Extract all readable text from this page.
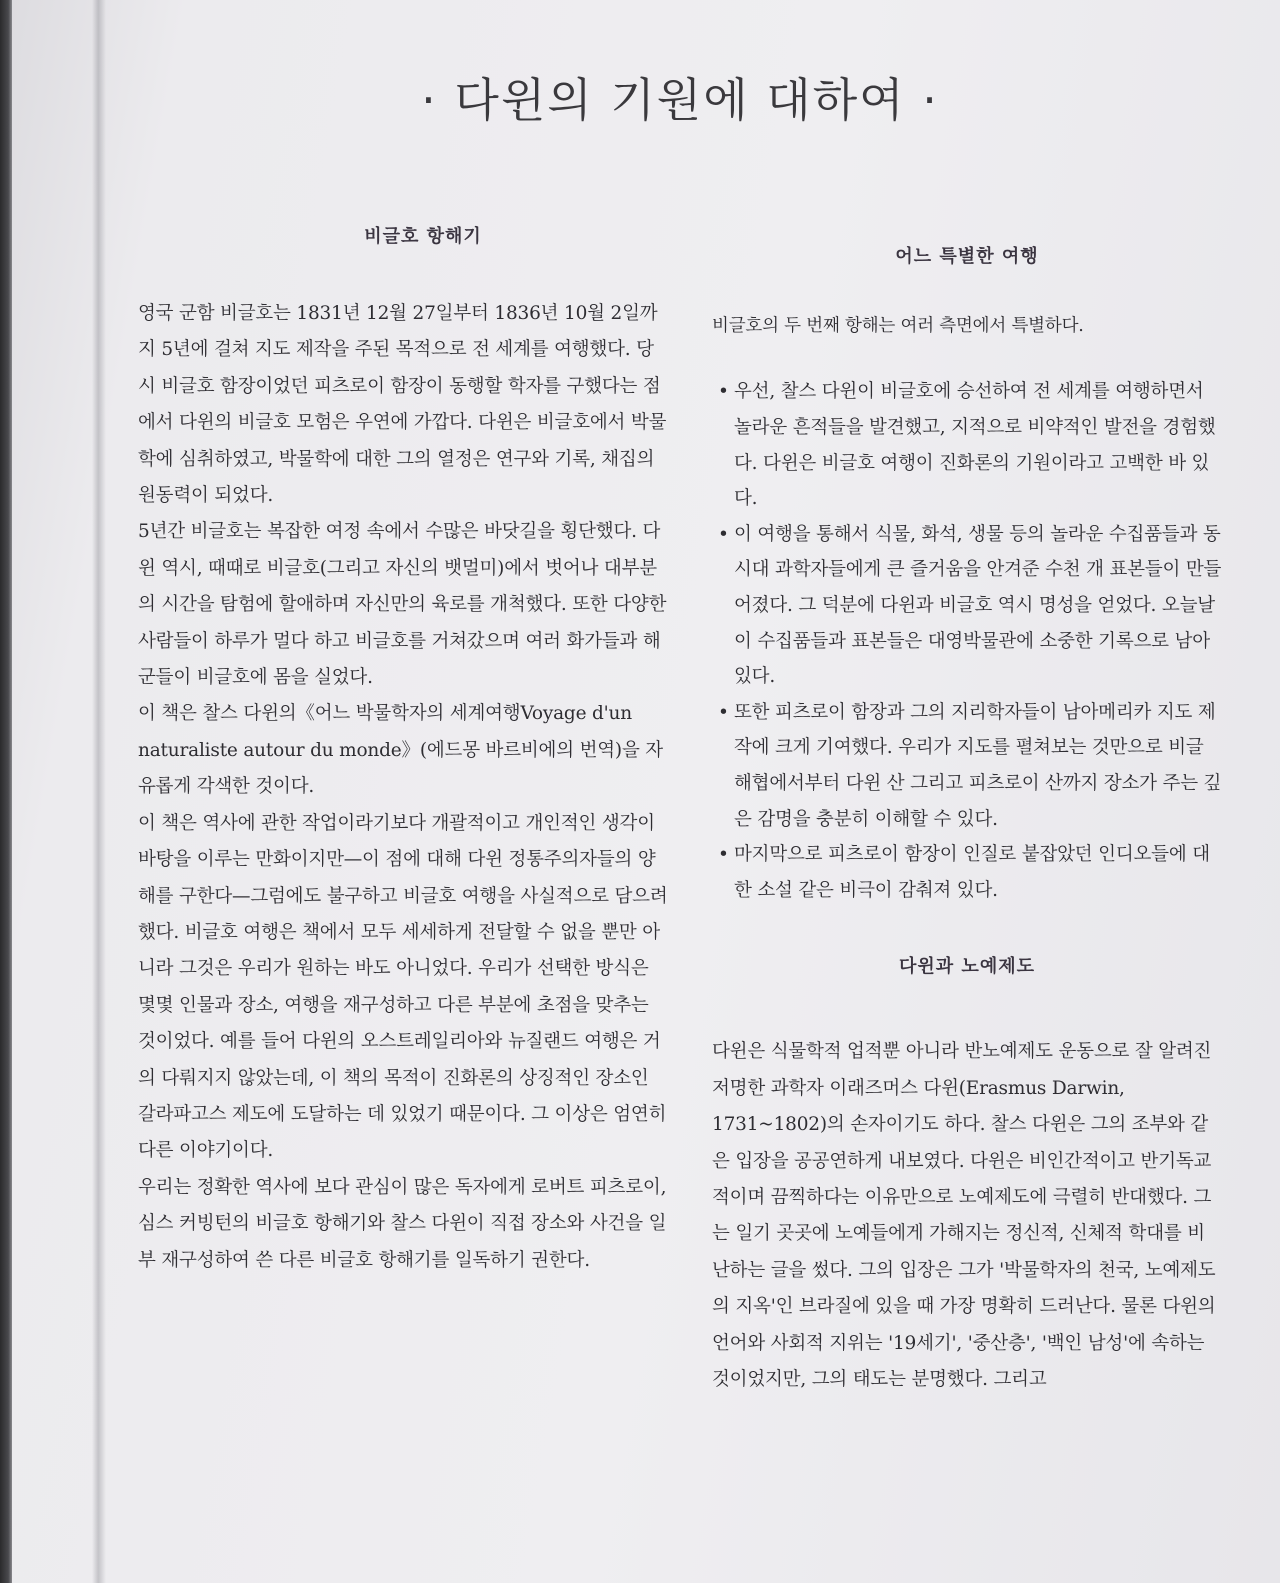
· 다윈의 기원에 대하여 ·
비글호 항해기

영국 군함 비글호는 1831년 12월 27일부터 1836년 10월 2일까지 5년에 걸쳐 지도 제작을 주된 목적으로 전 세계를 여행했다. 당시 비글호 함장이었던 피츠로이 함장이 동행할 학자를 구했다는 점에서 다윈의 비글호 모험은 우연에 가깝다. 다윈은 비글호에서 박물학에 심취하였고, 박물학에 대한 그의 열정은 연구와 기록, 채집의 원동력이 되었다.

5년간 비글호는 복잡한 여정 속에서 수많은 바닷길을 횡단했다. 다윈 역시, 때때로 비글호(그리고 자신의 뱃멀미)에서 벗어나 대부분의 시간을 탐험에 할애하며 자신만의 육로를 개척했다. 또한 다양한 사람들이 하루가 멀다 하고 비글호를 거쳐갔으며 여러 화가들과 해군들이 비글호에 몸을 실었다.

이 책은 찰스 다윈의《어느 박물학자의 세계여행Voyage d'un naturaliste autour du monde》(에드몽 바르비에의 번역)을 자유롭게 각색한 것이다.

이 책은 역사에 관한 작업이라기보다 개괄적이고 개인적인 생각이 바탕을 이루는 만화이지만—이 점에 대해 다윈 정통주의자들의 양해를 구한다—그럼에도 불구하고 비글호 여행을 사실적으로 담으려 했다. 비글호 여행은 책에서 모두 세세하게 전달할 수 없을 뿐만 아니라 그것은 우리가 원하는 바도 아니었다. 우리가 선택한 방식은 몇몇 인물과 장소, 여행을 재구성하고 다른 부분에 초점을 맞추는 것이었다. 예를 들어 다윈의 오스트레일리아와 뉴질랜드 여행은 거의 다뤄지지 않았는데, 이 책의 목적이 진화론의 상징적인 장소인 갈라파고스 제도에 도달하는 데 있었기 때문이다. 그 이상은 엄연히 다른 이야기이다.

우리는 정확한 역사에 보다 관심이 많은 독자에게 로버트 피츠로이, 심스 커빙턴의 비글호 항해기와 찰스 다윈이 직접 장소와 사건을 일부 재구성하여 쓴 다른 비글호 항해기를 일독하기 권한다.

어느 특별한 여행

비글호의 두 번째 항해는 여러 측면에서 특별하다.

• 우선, 찰스 다윈이 비글호에 승선하여 전 세계를 여행하면서 놀라운 흔적들을 발견했고, 지적으로 비약적인 발전을 경험했다. 다윈은 비글호 여행이 진화론의 기원이라고 고백한 바 있다.
• 이 여행을 통해서 식물, 화석, 생물 등의 놀라운 수집품들과 동시대 과학자들에게 큰 즐거움을 안겨준 수천 개 표본들이 만들어졌다. 그 덕분에 다윈과 비글호 역시 명성을 얻었다. 오늘날 이 수집품들과 표본들은 대영박물관에 소중한 기록으로 남아 있다.
• 또한 피츠로이 함장과 그의 지리학자들이 남아메리카 지도 제작에 크게 기여했다. 우리가 지도를 펼쳐보는 것만으로 비글 해협에서부터 다윈 산 그리고 피츠로이 산까지 장소가 주는 깊은 감명을 충분히 이해할 수 있다.
• 마지막으로 피츠로이 함장이 인질로 붙잡았던 인디오들에 대한 소설 같은 비극이 감춰져 있다.
다윈과 노예제도

다윈은 식물학적 업적뿐 아니라 반노예제도 운동으로 잘 알려진 저명한 과학자 이래즈머스 다윈(Erasmus Darwin, 1731~1802)의 손자이기도 하다. 찰스 다윈은 그의 조부와 같은 입장을 공공연하게 내보였다. 다윈은 비인간적이고 반기독교적이며 끔찍하다는 이유만으로 노예제도에 극렬히 반대했다. 그는 일기 곳곳에 노예들에게 가해지는 정신적, 신체적 학대를 비난하는 글을 썼다. 그의 입장은 그가 '박물학자의 천국, 노예제도의 지옥'인 브라질에 있을 때 가장 명확히 드러난다. 물론 다윈의 언어와 사회적 지위는 '19세기', '중산층', '백인 남성'에 속하는 것이었지만, 그의 태도는 분명했다. 그리고
